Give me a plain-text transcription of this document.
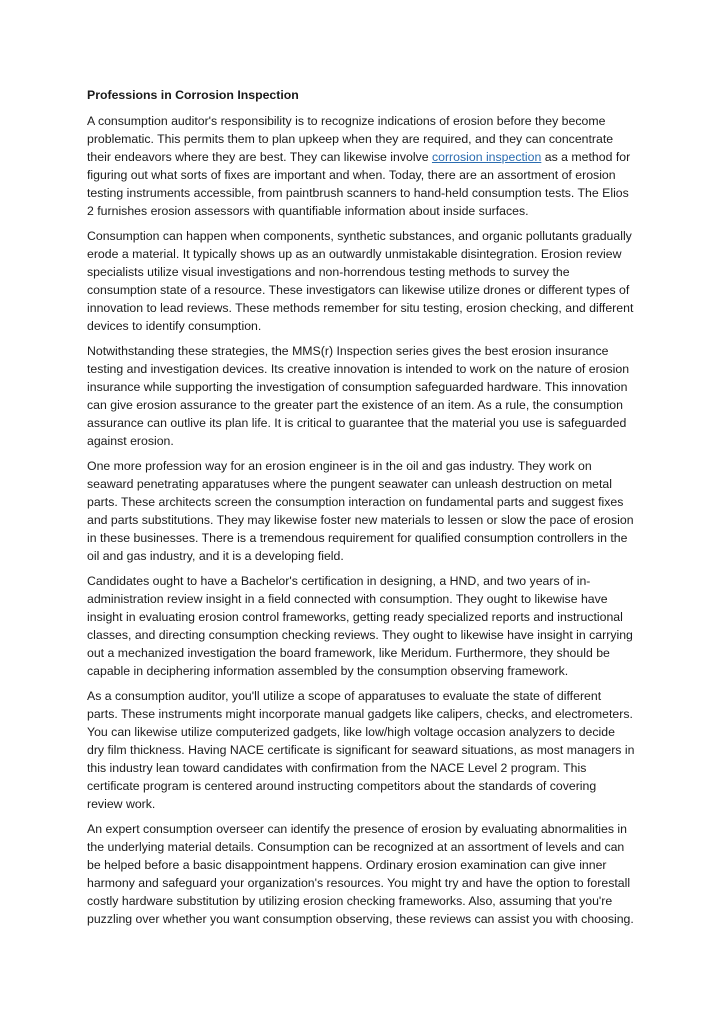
Professions in Corrosion Inspection

A consumption auditor's responsibility is to recognize indications of erosion before they become problematic. This permits them to plan upkeep when they are required, and they can concentrate their endeavors where they are best. They can likewise involve corrosion inspection as a method for figuring out what sorts of fixes are important and when. Today, there are an assortment of erosion testing instruments accessible, from paintbrush scanners to hand-held consumption tests. The Elios 2 furnishes erosion assessors with quantifiable information about inside surfaces.

Consumption can happen when components, synthetic substances, and organic pollutants gradually erode a material. It typically shows up as an outwardly unmistakable disintegration. Erosion review specialists utilize visual investigations and non-horrendous testing methods to survey the consumption state of a resource. These investigators can likewise utilize drones or different types of innovation to lead reviews. These methods remember for situ testing, erosion checking, and different devices to identify consumption.

Notwithstanding these strategies, the MMS(r) Inspection series gives the best erosion insurance testing and investigation devices. Its creative innovation is intended to work on the nature of erosion insurance while supporting the investigation of consumption safeguarded hardware. This innovation can give erosion assurance to the greater part the existence of an item. As a rule, the consumption assurance can outlive its plan life. It is critical to guarantee that the material you use is safeguarded against erosion.

One more profession way for an erosion engineer is in the oil and gas industry. They work on seaward penetrating apparatuses where the pungent seawater can unleash destruction on metal parts. These architects screen the consumption interaction on fundamental parts and suggest fixes and parts substitutions. They may likewise foster new materials to lessen or slow the pace of erosion in these businesses. There is a tremendous requirement for qualified consumption controllers in the oil and gas industry, and it is a developing field.

Candidates ought to have a Bachelor's certification in designing, a HND, and two years of in-administration review insight in a field connected with consumption. They ought to likewise have insight in evaluating erosion control frameworks, getting ready specialized reports and instructional classes, and directing consumption checking reviews. They ought to likewise have insight in carrying out a mechanized investigation the board framework, like Meridum. Furthermore, they should be capable in deciphering information assembled by the consumption observing framework.

As a consumption auditor, you'll utilize a scope of apparatuses to evaluate the state of different parts. These instruments might incorporate manual gadgets like calipers, checks, and electrometers. You can likewise utilize computerized gadgets, like low/high voltage occasion analyzers to decide dry film thickness. Having NACE certificate is significant for seaward situations, as most managers in this industry lean toward candidates with confirmation from the NACE Level 2 program. This certificate program is centered around instructing competitors about the standards of covering review work.

An expert consumption overseer can identify the presence of erosion by evaluating abnormalities in the underlying material details. Consumption can be recognized at an assortment of levels and can be helped before a basic disappointment happens. Ordinary erosion examination can give inner harmony and safeguard your organization's resources. You might try and have the option to forestall costly hardware substitution by utilizing erosion checking frameworks. Also, assuming that you're puzzling over whether you want consumption observing, these reviews can assist you with choosing.
